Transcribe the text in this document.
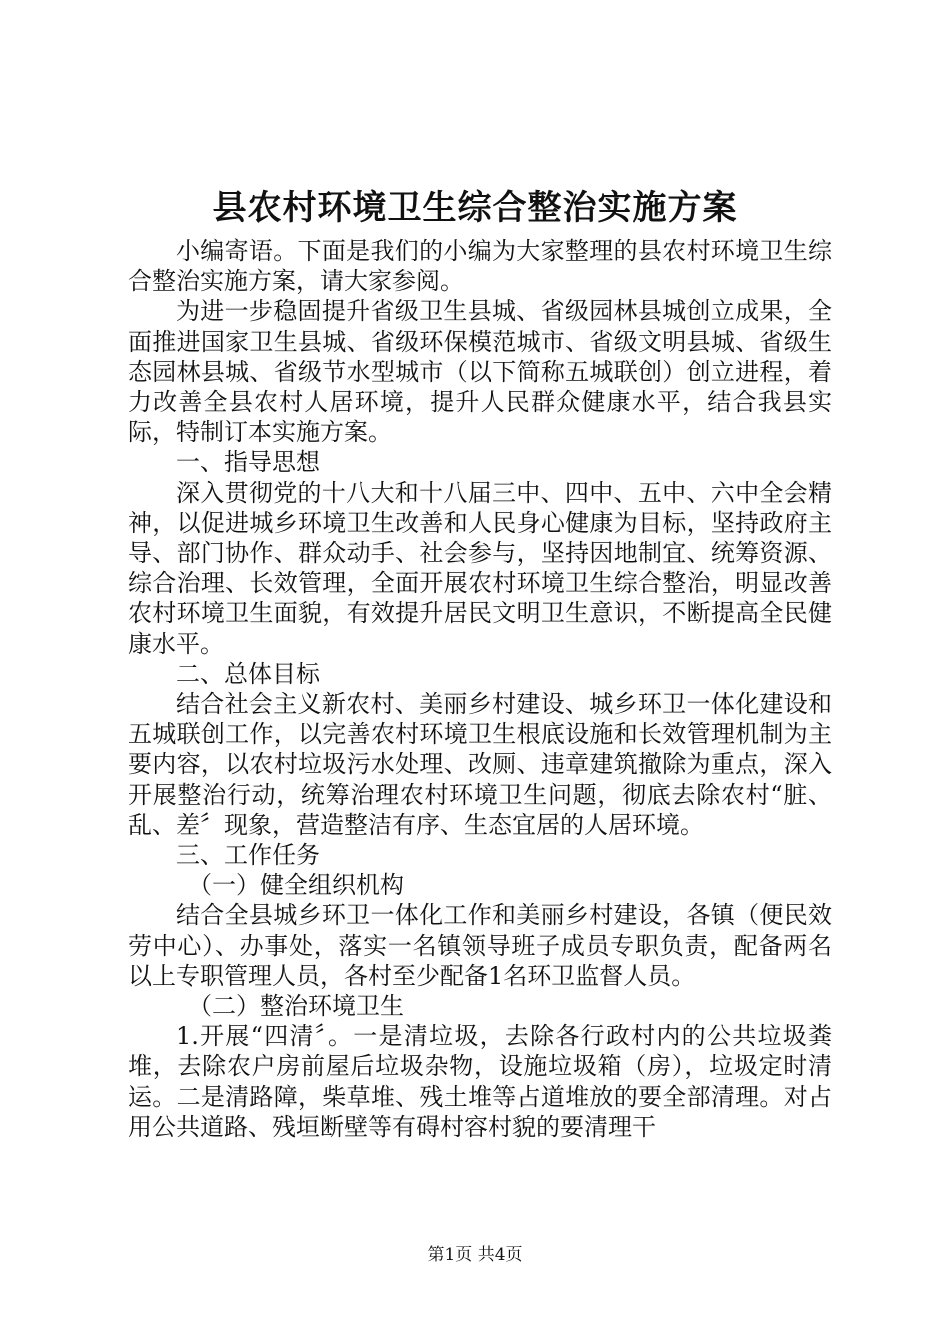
县农村环境卫生综合整治实施方案

小编寄语。下面是我们的小编为大家整理的县农村环境卫生综合整治实施方案，请大家参阅。

为进一步稳固提升省级卫生县城、省级园林县城创立成果，全面推进国家卫生县城、省级环保模范城市、省级文明县城、省级生态园林县城、省级节水型城市（以下简称五城联创）创立进程，着力改善全县农村人居环境，提升人民群众健康水平，结合我县实际，特制订本实施方案。

一、指导思想

深入贯彻党的十八大和十八届三中、四中、五中、六中全会精神，以促进城乡环境卫生改善和人民身心健康为目标，坚持政府主导、部门协作、群众动手、社会参与，坚持因地制宜、统筹资源、综合治理、长效管理，全面开展农村环境卫生综合整治，明显改善农村环境卫生面貌，有效提升居民文明卫生意识，不断提高全民健康水平。

二、总体目标

结合社会主义新农村、美丽乡村建设、城乡环卫一体化建设和五城联创工作，以完善农村环境卫生根底设施和长效管理机制为主要内容，以农村垃圾污水处理、改厕、违章建筑撤除为重点，深入开展整治行动，统筹治理农村环境卫生问题，彻底去除农村“脏、乱、差〞现象，营造整洁有序、生态宜居的人居环境。

三、工作任务

（一）健全组织机构

结合全县城乡环卫一体化工作和美丽乡村建设，各镇（便民效劳中心）、办事处，落实一名镇领导班子成员专职负责，配备两名以上专职管理人员，各村至少配备1名环卫监督人员。

（二）整治环境卫生

1.开展“四清〞。一是清垃圾，去除各行政村内的公共垃圾粪堆，去除农户房前屋后垃圾杂物，设施垃圾箱（房），垃圾定时清运。二是清路障，柴草堆、残土堆等占道堆放的要全部清理。对占用公共道路、残垣断壁等有碍村容村貌的要清理干

第1页 共4页
